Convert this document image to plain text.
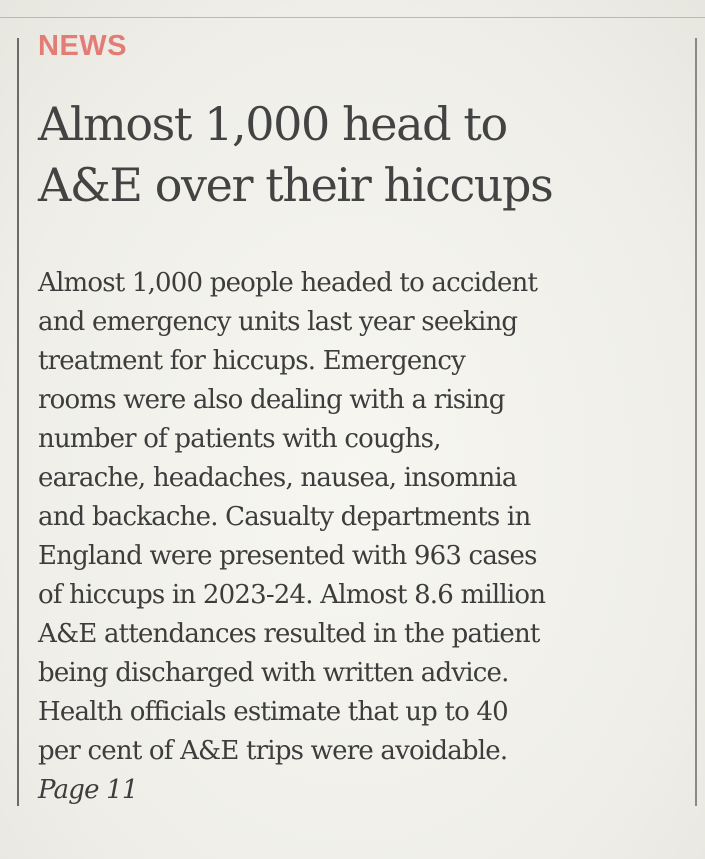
NEWS
Almost 1,000 head to
A&E over their hiccups
Almost 1,000 people headed to accident
and emergency units last year seeking
treatment for hiccups. Emergency
rooms were also dealing with a rising
number of patients with coughs,
earache, headaches, nausea, insomnia
and backache. Casualty departments in
England were presented with 963 cases
of hiccups in 2023-24. Almost 8.6 million
A&E attendances resulted in the patient
being discharged with written advice.
Health officials estimate that up to 40
per cent of A&E trips were avoidable.
Page 11
